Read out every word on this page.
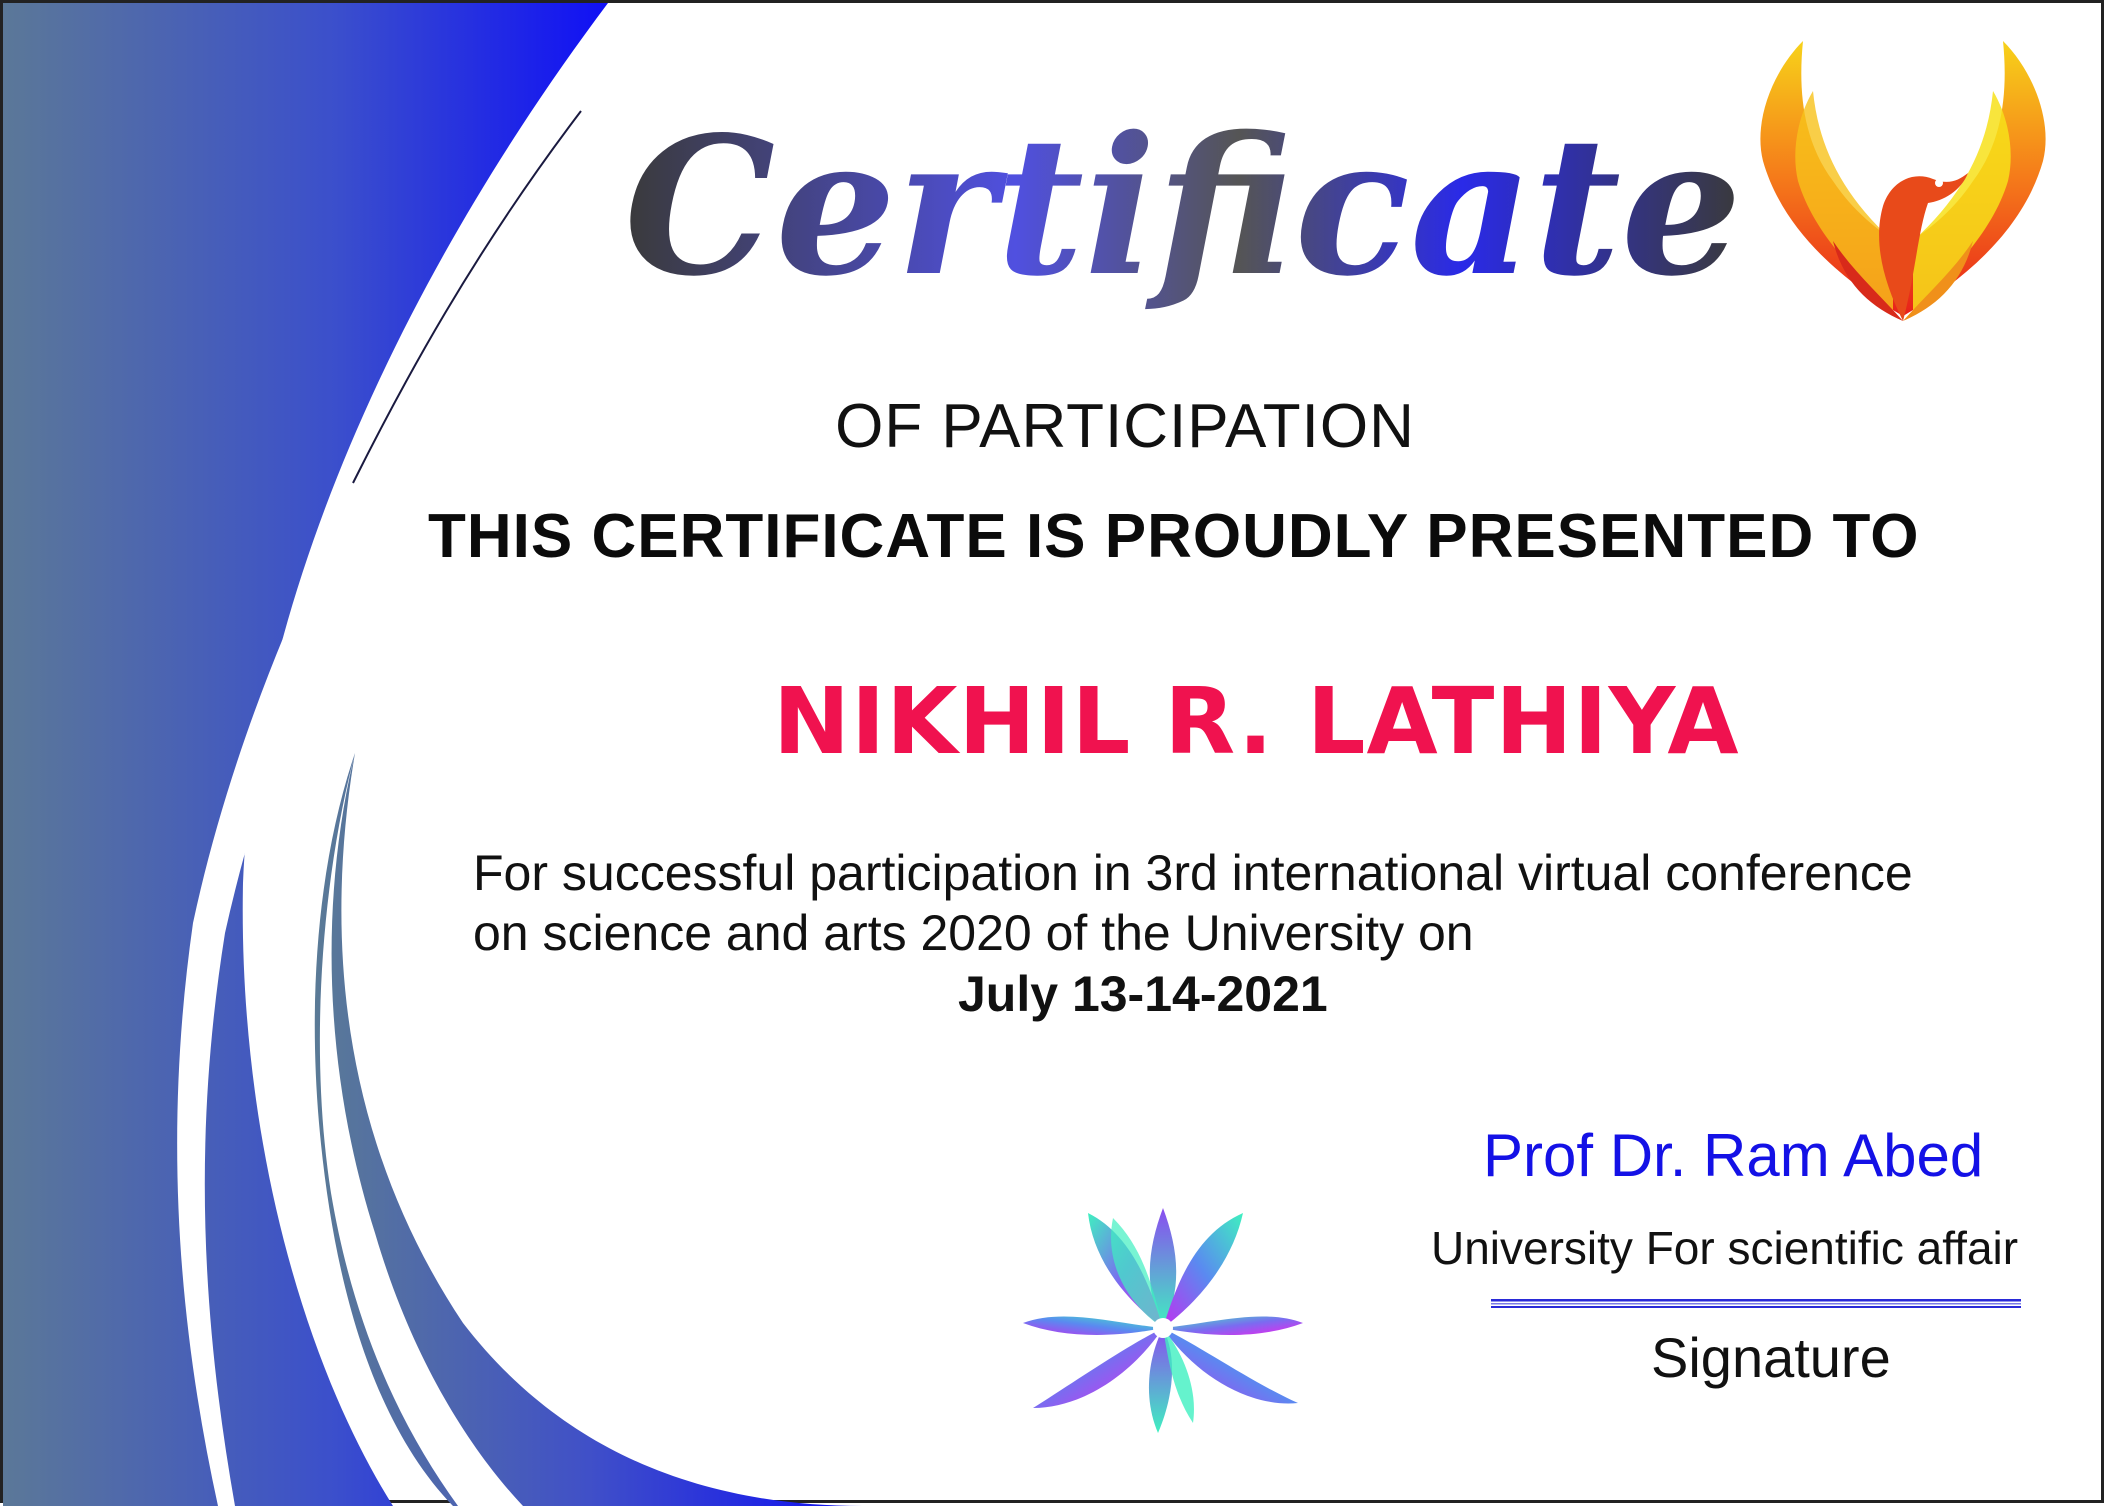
Certificate
OF PARTICIPATION
THIS CERTIFICATE IS PROUDLY PRESENTED TO
NIKHIL R. LATHIYA
For successful participation in 3rd international virtual conference
on science and arts 2020 of the University on
July 13-14-2021
Prof Dr. Ram Abed
University For scientific affair
Signature
